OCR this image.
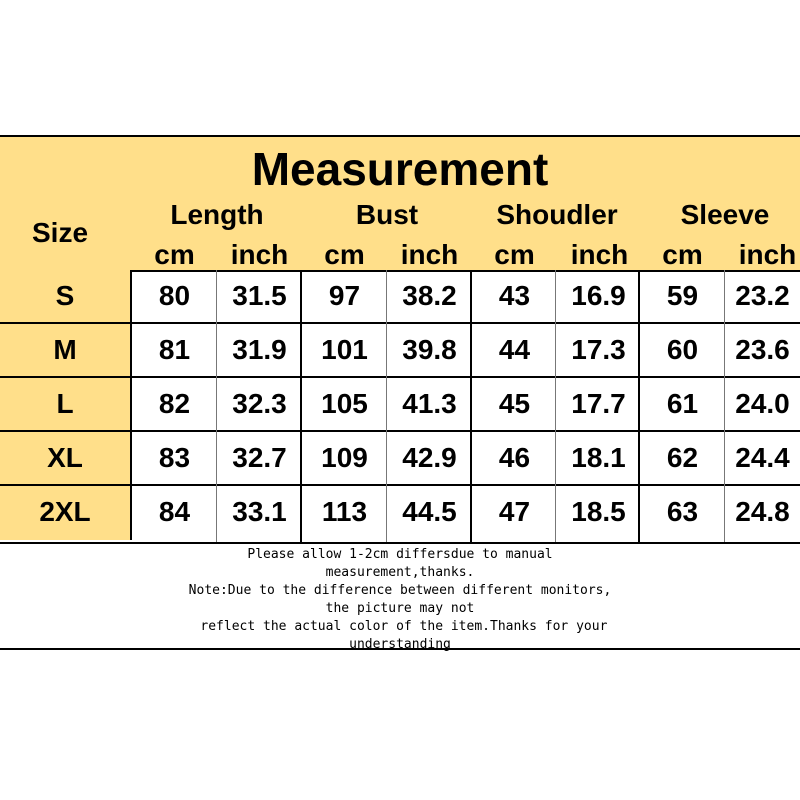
Measurement
Size
Length	Bust	Shoudler	Sleeve
cm	inch	cm	inch	cm	inch	cm	inch
S	80	31.5	97	38.2	43	16.9	59	23.2
M	81	31.9	101	39.8	44	17.3	60	23.6
L	82	32.3	105	41.3	45	17.7	61	24.0
XL	83	32.7	109	42.9	46	18.1	62	24.4
2XL	84	33.1	113	44.5	47	18.5	63	24.8
Please allow 1-2cm differsdue to manual
measurement,thanks.
Note:Due to the difference between different monitors,
the picture may not
reflect the actual color of the item.Thanks for your
understanding
